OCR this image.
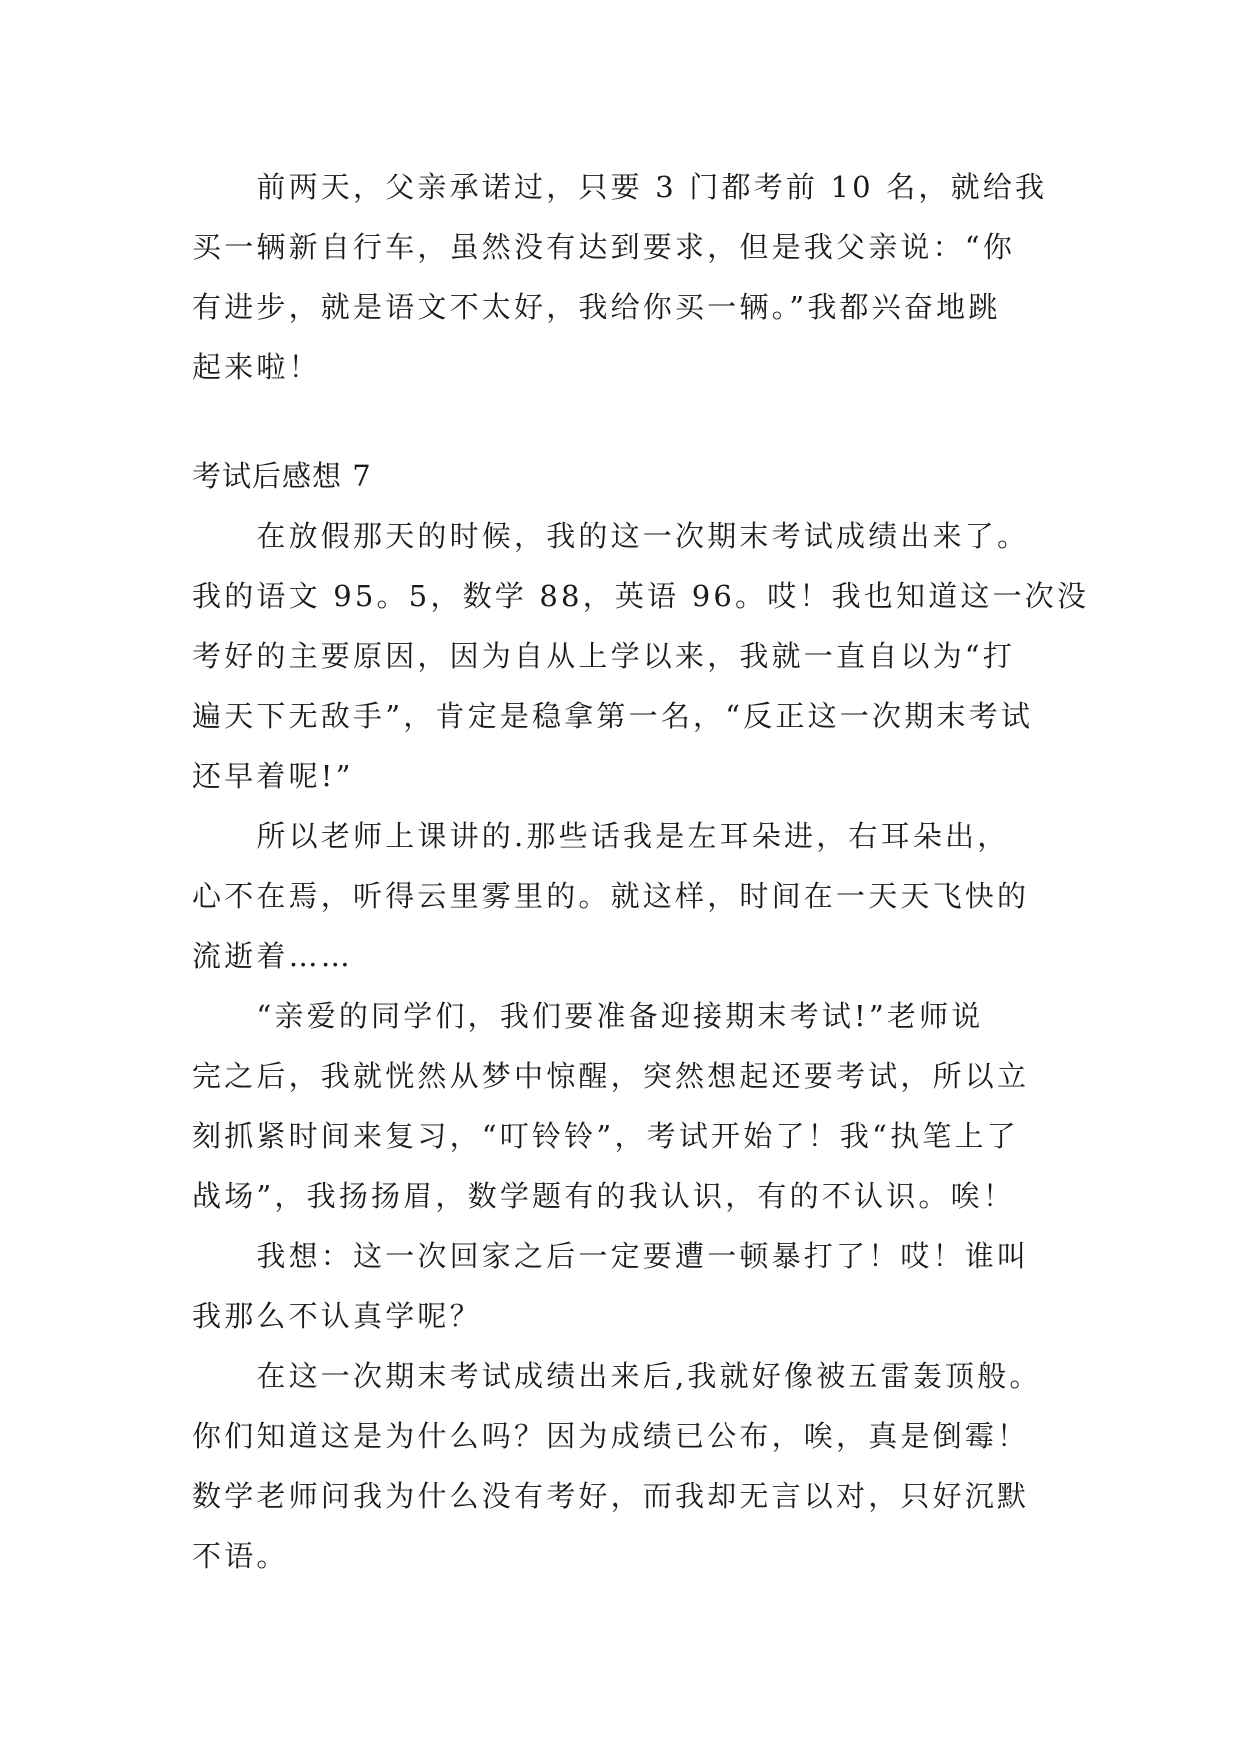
　　前两天，父亲承诺过，只要 3 门都考前 10 名，就给我
买一辆新自行车，虽然没有达到要求，但是我父亲说：“你
有进步，就是语文不太好，我给你买一辆。”我都兴奋地跳
起来啦！
考试后感想 7
　　在放假那天的时候，我的这一次期末考试成绩出来了。
我的语文 95。5，数学 88，英语 96。哎！我也知道这一次没
考好的主要原因，因为自从上学以来，我就一直自以为“打
遍天下无敌手”，肯定是稳拿第一名，“反正这一次期末考试
还早着呢!”
　　所以老师上课讲的.那些话我是左耳朵进，右耳朵出，
心不在焉，听得云里雾里的。就这样，时间在一天天飞快的
流逝着……
　　“亲爱的同学们，我们要准备迎接期末考试!”老师说
完之后，我就恍然从梦中惊醒，突然想起还要考试，所以立
刻抓紧时间来复习，“叮铃铃”，考试开始了！我“执笔上了
战场”，我扬扬眉，数学题有的我认识，有的不认识。唉！
　　我想：这一次回家之后一定要遭一顿暴打了！哎！谁叫
我那么不认真学呢？
　　在这一次期末考试成绩出来后,我就好像被五雷轰顶般。
你们知道这是为什么吗？因为成绩已公布，唉，真是倒霉！
数学老师问我为什么没有考好，而我却无言以对，只好沉默
不语。
